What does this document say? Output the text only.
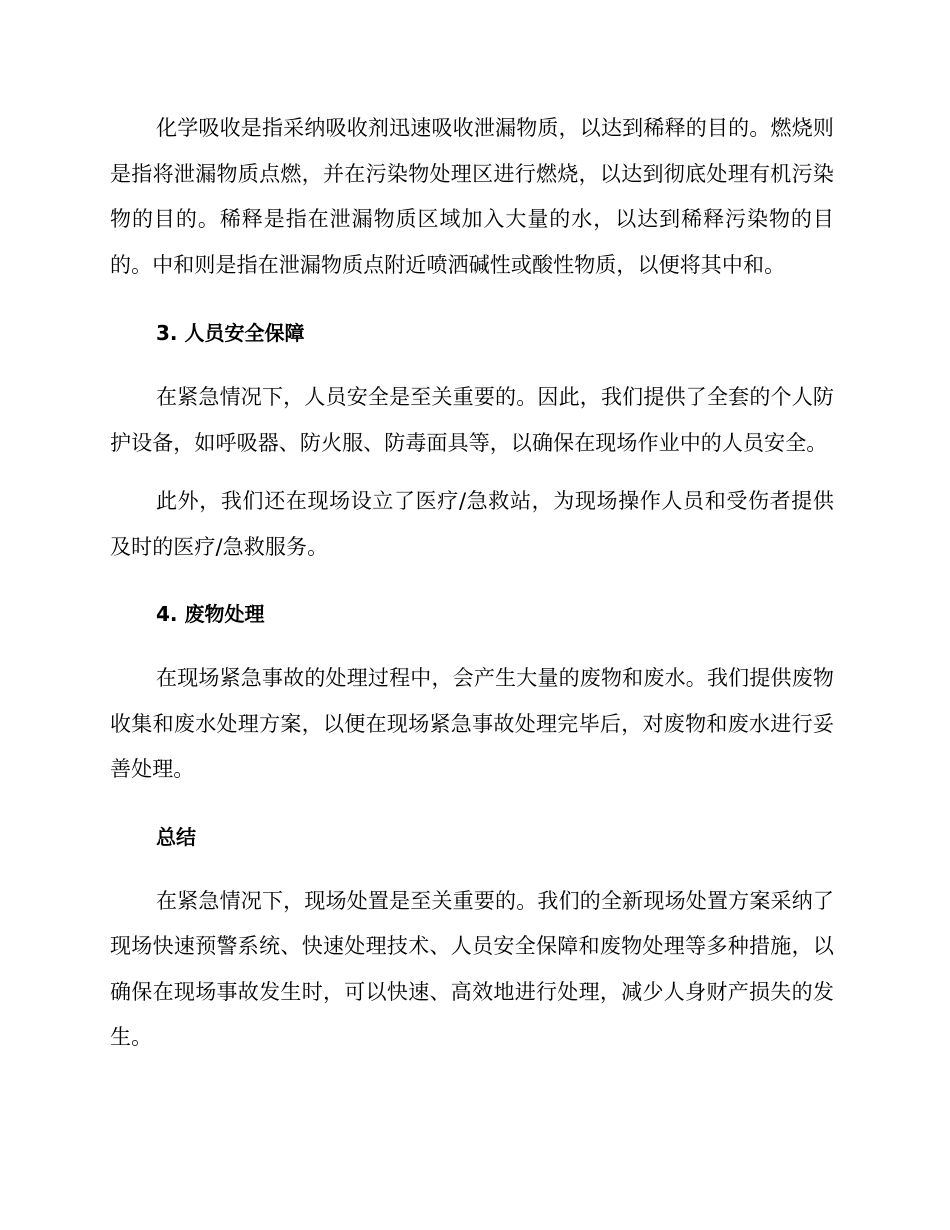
化学吸收是指采纳吸收剂迅速吸收泄漏物质，以达到稀释的目的。燃烧则是指将泄漏物质点燃，并在污染物处理区进行燃烧，以达到彻底处理有机污染物的目的。稀释是指在泄漏物质区域加入大量的水，以达到稀释污染物的目的。中和则是指在泄漏物质点附近喷洒碱性或酸性物质，以便将其中和。

3. 人员安全保障

在紧急情况下，人员安全是至关重要的。因此，我们提供了全套的个人防护设备，如呼吸器、防火服、防毒面具等，以确保在现场作业中的人员安全。

此外，我们还在现场设立了医疗/急救站，为现场操作人员和受伤者提供及时的医疗/急救服务。

4. 废物处理

在现场紧急事故的处理过程中，会产生大量的废物和废水。我们提供废物收集和废水处理方案，以便在现场紧急事故处理完毕后，对废物和废水进行妥善处理。

总结

在紧急情况下，现场处置是至关重要的。我们的全新现场处置方案采纳了现场快速预警系统、快速处理技术、人员安全保障和废物处理等多种措施，以确保在现场事故发生时，可以快速、高效地进行处理，减少人身财产损失的发生。
